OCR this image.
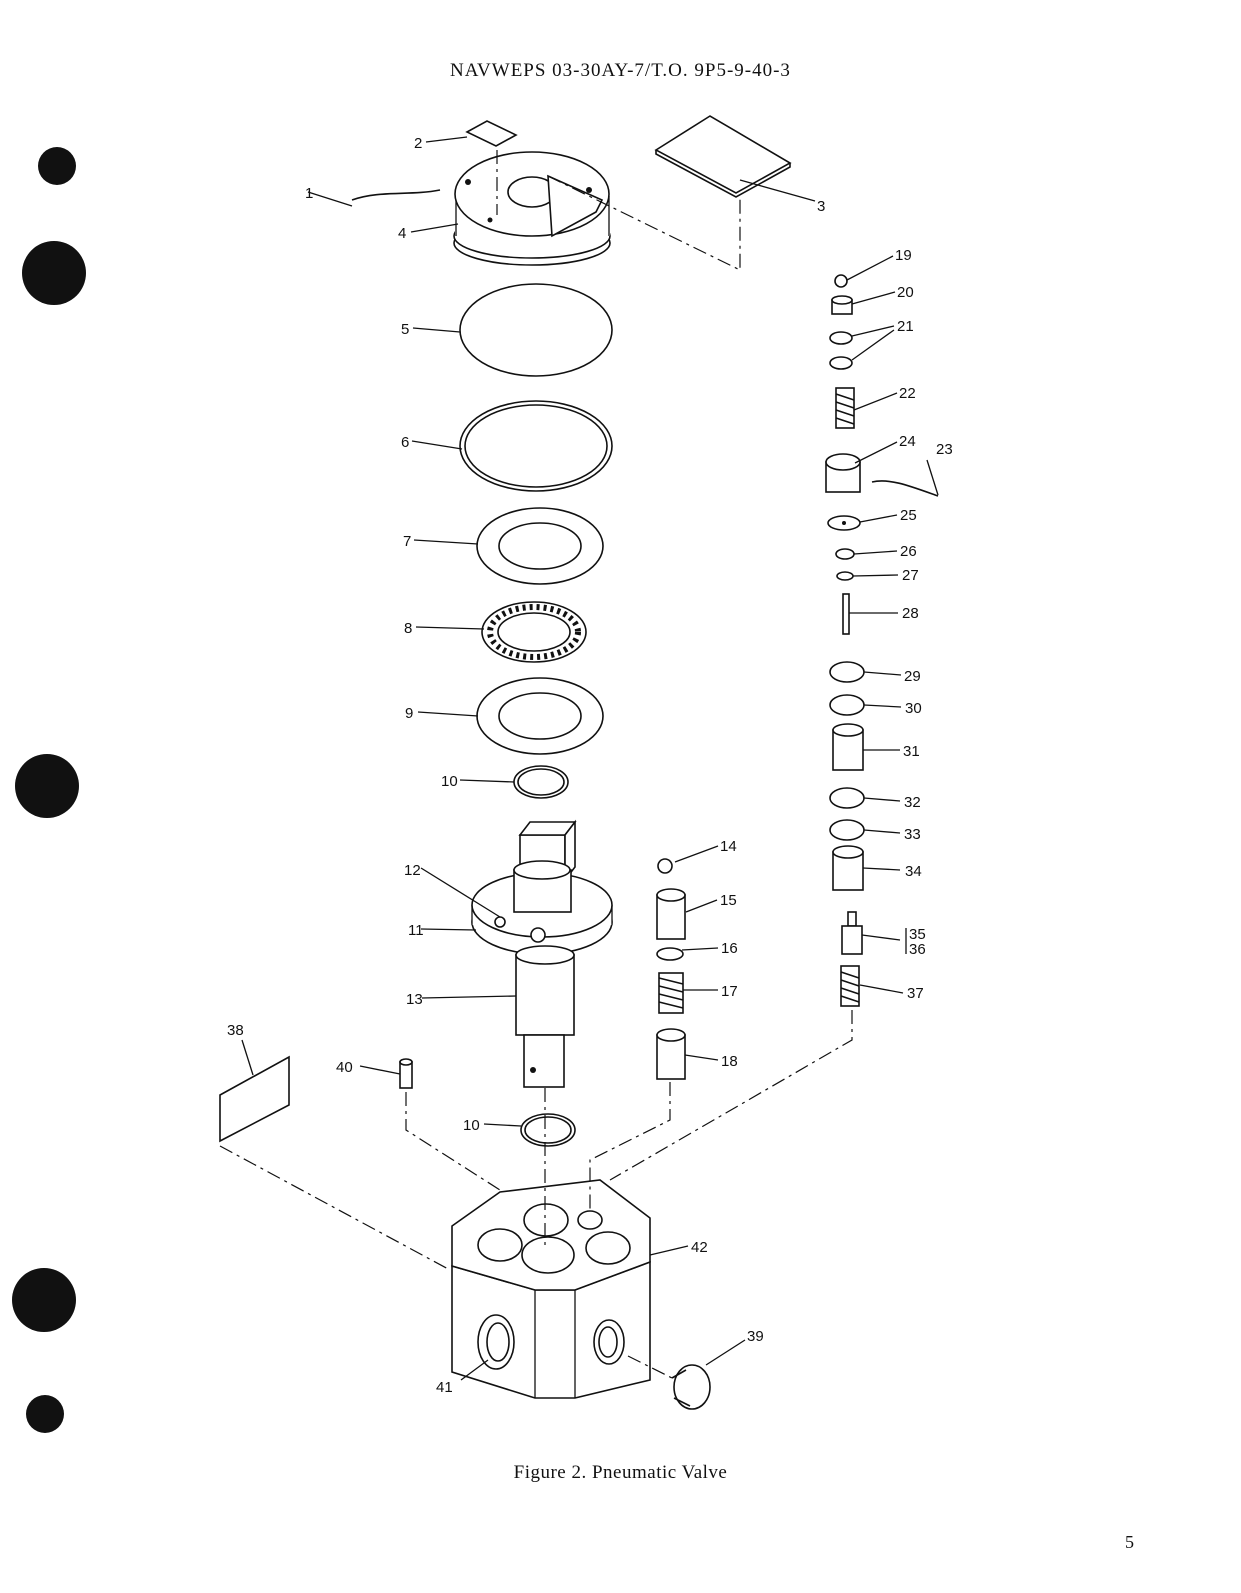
NAVWEPS 03-30AY-7/T.O. 9P5-9-40-3
1
2
3
4
5
6
7
8
9
10
11
12
13
14
15
16
17
18
19
20
21
22
23
24
25
26
27
28
29
30
31
32
33
34
35
36
37
38
39
40
10
41
42
Figure 2. Pneumatic Valve
5
